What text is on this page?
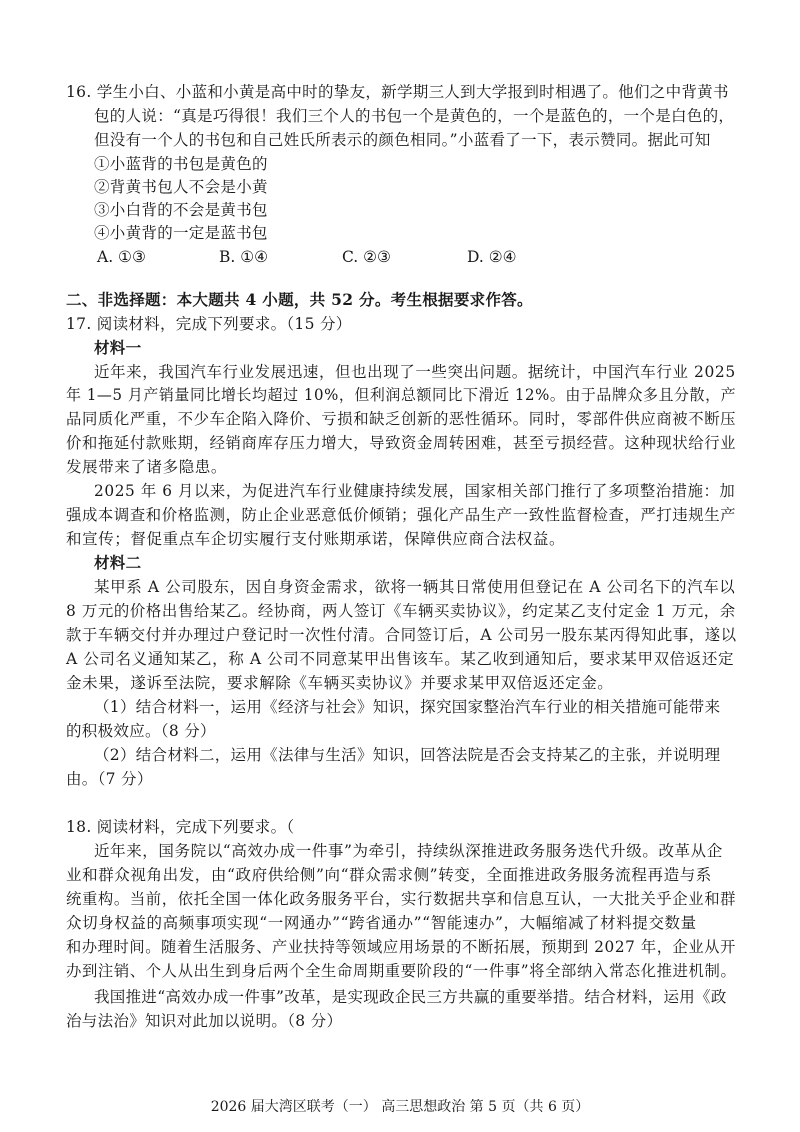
16. 学生小白、小蓝和小黄是高中时的挚友，新学期三人到大学报到时相遇了。他们之中背黄书
包的人说：“真是巧得很！我们三个人的书包一个是黄色的，一个是蓝色的，一个是白色的，
但没有一个人的书包和自己姓氏所表示的颜色相同。”小蓝看了一下，表示赞同。据此可知
①小蓝背的书包是黄色的
②背黄书包人不会是小黄
③小白背的不会是黄书包
④小黄背的一定是蓝书包
A. ①③	B. ①④	C. ②③	D. ②④
二、非选择题：本大题共 4 小题，共 52 分。考生根据要求作答。
17. 阅读材料，完成下列要求。（15 分）
材料一
近年来，我国汽车行业发展迅速，但也出现了一些突出问题。据统计，中国汽车行业 2025
年 1—5 月产销量同比增长均超过 10%，但利润总额同比下滑近 12%。由于品牌众多且分散，产
品同质化严重，不少车企陷入降价、亏损和缺乏创新的恶性循环。同时，零部件供应商被不断压
价和拖延付款账期，经销商库存压力增大，导致资金周转困难，甚至亏损经营。这种现状给行业
发展带来了诸多隐患。
2025 年 6 月以来，为促进汽车行业健康持续发展，国家相关部门推行了多项整治措施：加
强成本调查和价格监测，防止企业恶意低价倾销；强化产品生产一致性监督检查，严打违规生产
和宣传；督促重点车企切实履行支付账期承诺，保障供应商合法权益。
材料二
某甲系 A 公司股东，因自身资金需求，欲将一辆其日常使用但登记在 A 公司名下的汽车以
8 万元的价格出售给某乙。经协商，两人签订《车辆买卖协议》，约定某乙支付定金 1 万元，余
款于车辆交付并办理过户登记时一次性付清。合同签订后，A 公司另一股东某丙得知此事，遂以
A 公司名义通知某乙，称 A 公司不同意某甲出售该车。某乙收到通知后，要求某甲双倍返还定
金未果，遂诉至法院，要求解除《车辆买卖协议》并要求某甲双倍返还定金。
（1）结合材料一，运用《经济与社会》知识，探究国家整治汽车行业的相关措施可能带来
的积极效应。（8 分）
（2）结合材料二，运用《法律与生活》知识，回答法院是否会支持某乙的主张，并说明理
由。（7 分）
18. 阅读材料，完成下列要求。（
近年来，国务院以“高效办成一件事”为牵引，持续纵深推进政务服务迭代升级。改革从企
业和群众视角出发，由“政府供给侧”向“群众需求侧”转变，全面推进政务服务流程再造与系
统重构。当前，依托全国一体化政务服务平台，实行数据共享和信息互认，一大批关乎企业和群
众切身权益的高频事项实现“一网通办”“跨省通办”“智能速办”，大幅缩减了材料提交数量
和办理时间。随着生活服务、产业扶持等领域应用场景的不断拓展，预期到 2027 年，企业从开
办到注销、个人从出生到身后两个全生命周期重要阶段的“一件事”将全部纳入常态化推进机制。
我国推进“高效办成一件事”改革，是实现政企民三方共赢的重要举措。结合材料，运用《政
治与法治》知识对此加以说明。（8 分）
2026 届大湾区联考（一） 高三思想政治 第 5 页（共 6 页）
